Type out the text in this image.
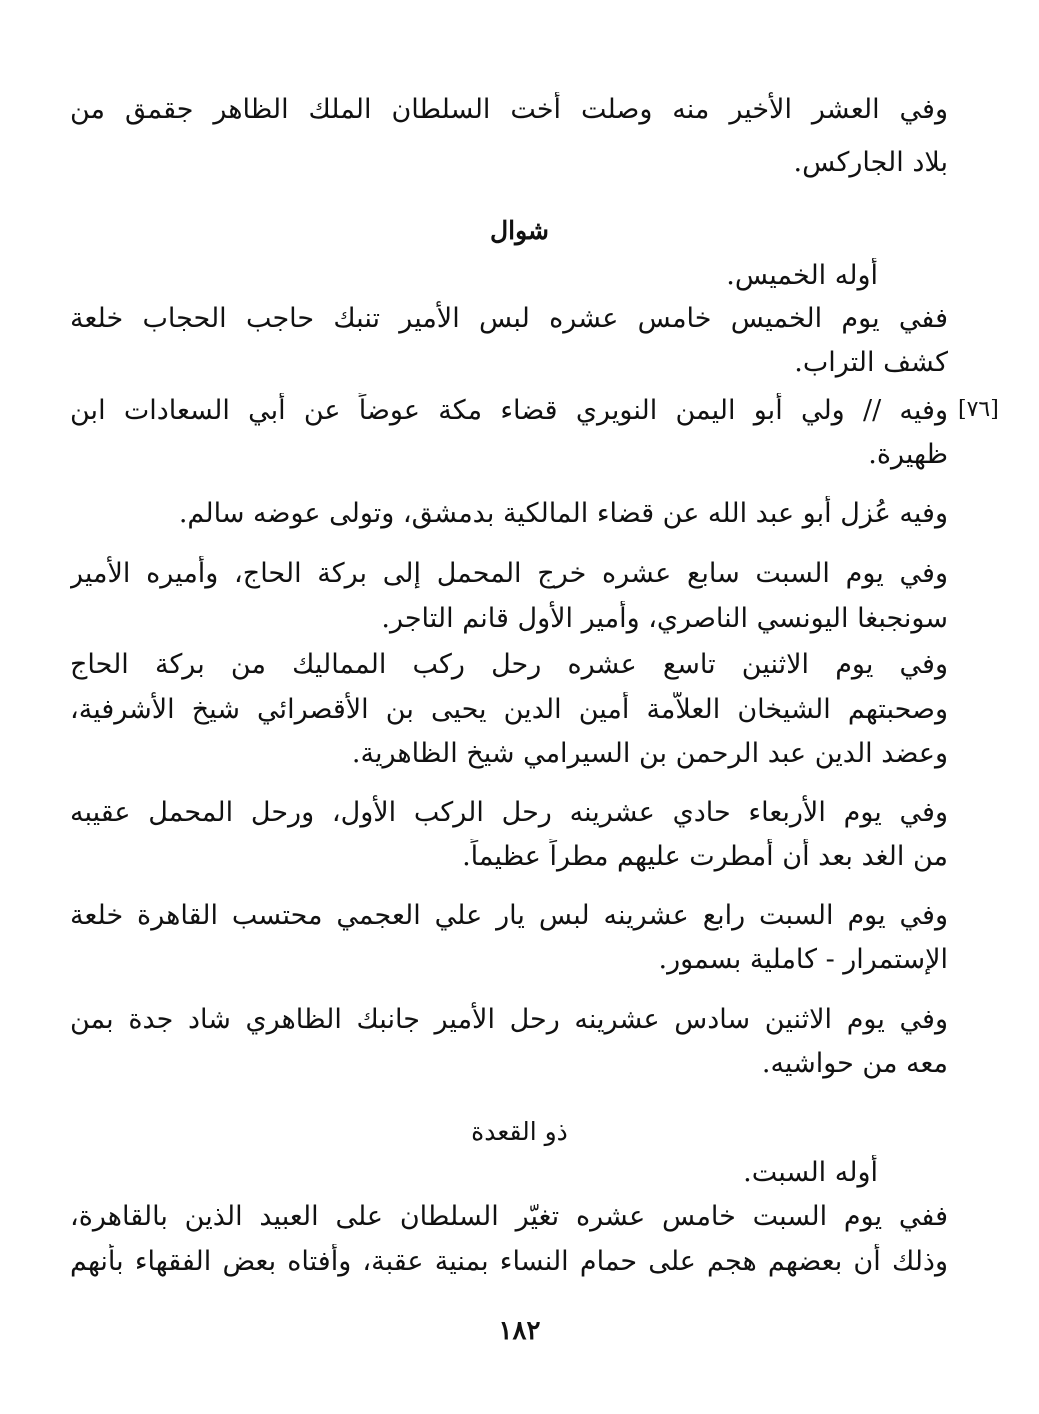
وفي العشر الأخير منه وصلت أخت السلطان الملك الظاهر جقمق من
بلاد الجاركس.
شوال
أوله الخميس.
ففي يوم الخميس خامس عشره لبس الأمير تنبك حاجب الحجاب خلعة
كشف التراب.
[٧٦]
وفيه // ولي أبو اليمن النويري قضاء مكة عوضاً عن أبي السعادات ابن
ظهيرة.
وفيه عُزل أبو عبد الله عن قضاء المالكية بدمشق، وتولى عوضه سالم.
وفي يوم السبت سابع عشره خرج المحمل إلى بركة الحاج، وأميره الأمير
سونجبغا اليونسي الناصري، وأمير الأول قانم التاجر.
وفي يوم الاثنين تاسع عشره رحل ركب المماليك من بركة الحاج
وصحبتهم الشيخان العلاّمة أمين الدين يحيى بن الأقصرائي شيخ الأشرفية،
وعضد الدين عبد الرحمن بن السيرامي شيخ الظاهرية.
وفي يوم الأربعاء حادي عشرينه رحل الركب الأول، ورحل المحمل عقيبه
من الغد بعد أن أمطرت عليهم مطراً عظيماً.
وفي يوم السبت رابع عشرينه لبس يار علي العجمي محتسب القاهرة خلعة
الإستمرار - كاملية بسمور.
وفي يوم الاثنين سادس عشرينه رحل الأمير جانبك الظاهري شاد جدة بمن
معه من حواشيه.
ذو القعدة
أوله السبت.
ففي يوم السبت خامس عشره تغيّر السلطان على العبيد الذين بالقاهرة،
وذلك أن بعضهم هجم على حمام النساء بمنية عقبة، وأفتاه بعض الفقهاء بأنهم
١٨٢
